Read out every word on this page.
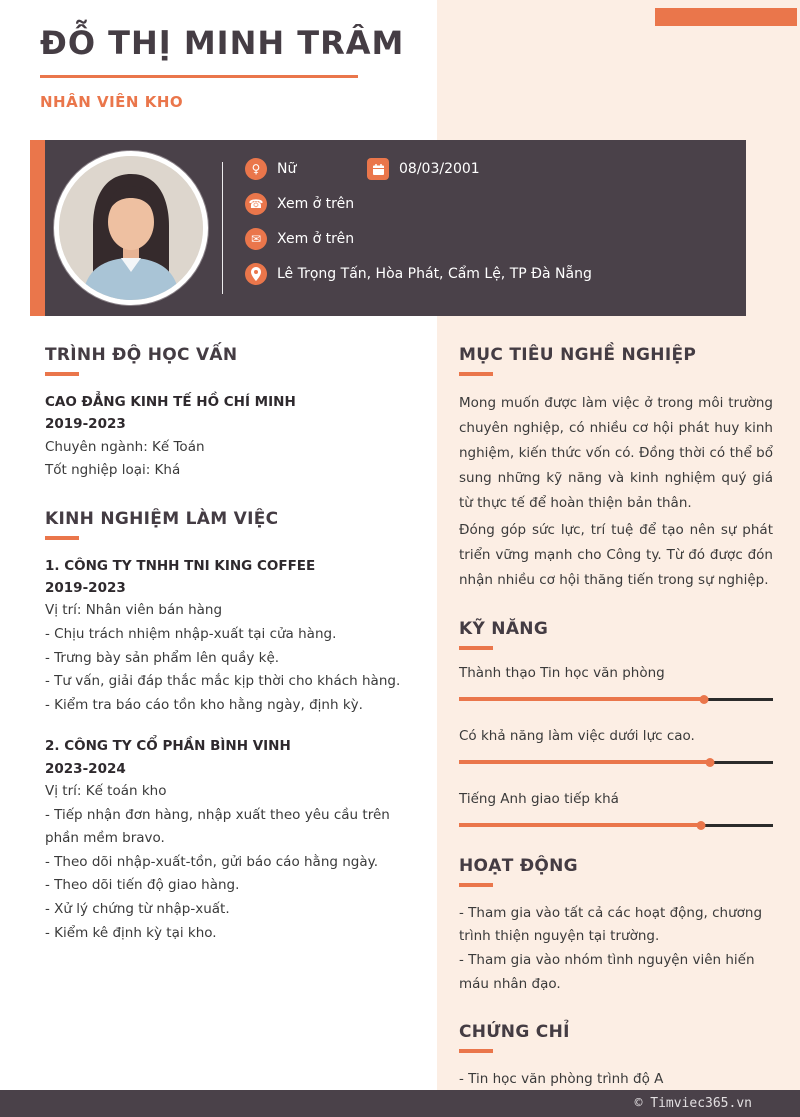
ĐỖ THỊ MINH TRÂM
NHÂN VIÊN KHO
♀	Nữ	08/03/2001
☎ Xem ở trên
✉	Xem ở trên
Lê Trọng Tấn, Hòa Phát, Cẩm Lệ, TP Đà Nẵng
TRÌNH ĐỘ HỌC VẤN
CAO ĐẲNG KINH TẾ HỒ CHÍ MINH
2019-2023
Chuyên ngành: Kế Toán
Tốt nghiệp loại: Khá
KINH NGHIỆM LÀM VIỆC
1. CÔNG TY TNHH TNI KING COFFEE
2019-2023
Vị trí: Nhân viên bán hàng
- Chịu trách nhiệm nhập-xuất tại cửa hàng.
- Trưng bày sản phẩm lên quầy kệ.
- Tư vấn, giải đáp thắc mắc kịp thời cho khách hàng.
- Kiểm tra báo cáo tồn kho hằng ngày, định kỳ.
2. CÔNG TY CỔ PHẦN BÌNH VINH
2023-2024
Vị trí: Kế toán kho
- Tiếp nhận đơn hàng, nhập xuất theo yêu cầu trên phần mềm bravo.
- Theo dõi nhập-xuất-tồn, gửi báo cáo hằng ngày.
- Theo dõi tiến độ giao hàng.
- Xử lý chứng từ nhập-xuất.
- Kiểm kê định kỳ tại kho.
MỤC TIÊU NGHỀ NGHIỆP
Mong muốn được làm việc ở trong môi trường chuyên nghiệp, có nhiều cơ hội phát huy kinh nghiệm, kiến thức vốn có. Đồng thời có thể bổ sung những kỹ năng và kinh nghiệm quý giá từ thực tế để hoàn thiện bản thân.
Đóng góp sức lực, trí tuệ để tạo nên sự phát triển vững mạnh cho Công ty. Từ đó được đón nhận nhiều cơ hội thăng tiến trong sự nghiệp.
KỸ NĂNG
Thành thạo Tin học văn phòng
Có khả năng làm việc dưới lực cao.
Tiếng Anh giao tiếp khá
HOẠT ĐỘNG
- Tham gia vào tất cả các hoạt động, chương trình thiện nguyện tại trường.
- Tham gia vào nhóm tình nguyện viên hiến máu nhân đạo.
CHỨNG CHỈ
- Tin học văn phòng trình độ A
© Timviec365.vn
